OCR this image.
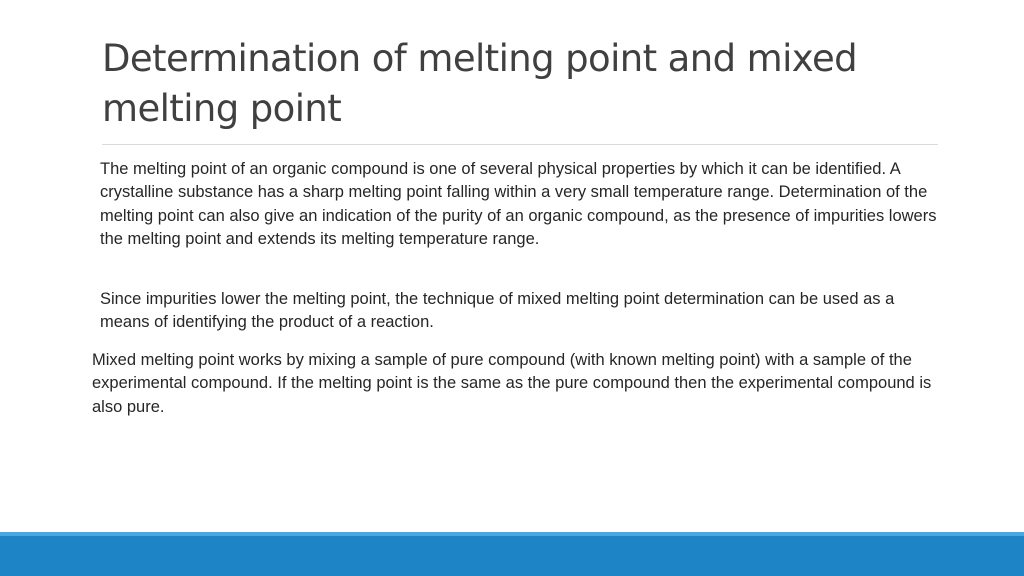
Determination of melting point and mixed melting point

The melting point of an organic compound is one of several physical properties by which it can be identified. A crystalline substance has a sharp melting point falling within a very small temperature range. Determination of the melting point can also give an indication of the purity of an organic compound, as the presence of impurities lowers the melting point and extends its melting temperature range.

Since impurities lower the melting point, the technique of mixed melting point determination can be used as a means of identifying the product of a reaction.

Mixed melting point works by mixing a sample of pure compound (with known melting point) with a sample of the experimental compound. If the melting point is the same as the pure compound then the experimental compound is also pure.
